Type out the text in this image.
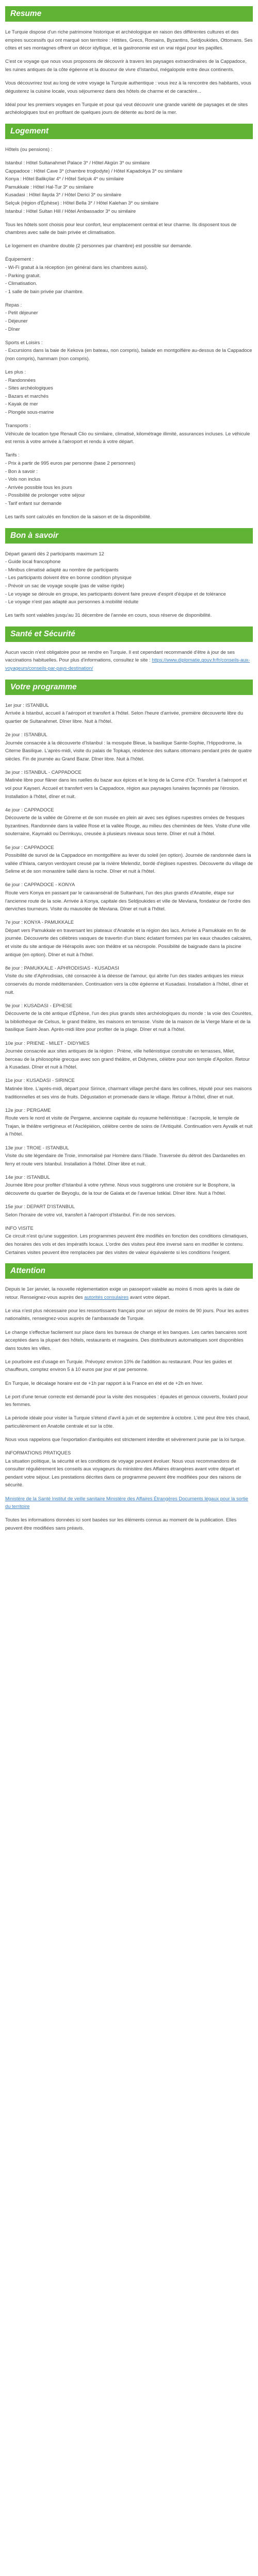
Resume

Le Turquie dispose d'un riche patrimoine historique et archéologique en raison des différentes cultures et des empires successifs qui ont marqué son territoire : Hittites, Grecs, Romains, Byzantins, Seldjoukides, Ottomans. Ses côtes et ses montagnes offrent un décor idyllique, et la gastronomie est un vrai régal pour les papilles.

C'est ce voyage que nous vous proposons de découvrir à travers les paysages extraordinaires de la Cappadoce, les ruines antiques de la côte égéenne et la douceur de vivre d'Istanbul, mégalopole entre deux continents.

Vous découvrirez tout au long de votre voyage la Turquie authentique : vous irez à la rencontre des habitants, vous dégusterez la cuisine locale, vous séjournerez dans des hôtels de charme et de caractère...

Idéal pour les premiers voyages en Turquie et pour qui veut découvrir une grande variété de paysages et de sites archéologiques tout en profitant de quelques jours de détente au bord de la mer.

Logement

Hôtels (ou pensions) :

Istanbul : Hôtel Sultanahmet Palace 3* / Hôtel Akgün 3* ou similaire

Cappadoce : Hôtel Cave 3* (chambre troglodyte) / Hôtel Kapadokya 3* ou similaire

Konya : Hôtel Balikçilar 4* / Hôtel Selçuk 4* ou similaire

Pamukkale : Hôtel Hal-Tur 3* ou similaire

Kusadasi : Hôtel Ilayda 3* / Hôtel Derici 3* ou similaire

Selçuk (région d'Éphèse) : Hôtel Bella 3* / Hôtel Kalehan 3* ou similaire

Istanbul : Hôtel Sultan Hill / Hôtel Ambassador 3* ou similaire

Tous les hôtels sont choisis pour leur confort, leur emplacement central et leur charme. Ils disposent tous de chambres avec salle de bain privée et climatisation.

Le logement en chambre double (2 personnes par chambre) est possible sur demande.

Équipement :

- Wi-Fi gratuit à la réception (en général dans les chambres aussi).

- Parking gratuit.

- Climatisation.

- 1 salle de bain privée par chambre.

Repas :

- Petit déjeuner

- Déjeuner

- Dîner

Sports et Loisirs :

- Excursions dans la baie de Kekova (en bateau, non compris), balade en montgolfière au-dessus de la Cappadoce (non compris), hammam (non compris).

Les plus :

- Randonnées

- Sites archéologiques

- Bazars et marchés

- Kayak de mer

- Plongée sous-marine

Transports :

Véhicule de location type Renault Clio ou similaire, climatisé, kilométrage illimité, assurances incluses. Le véhicule est remis à votre arrivée à l'aéroport et rendu à votre départ.

Tarifs :

- Prix à partir de 995 euros par personne (base 2 personnes)

- Bon à savoir :

- Vols non inclus

- Arrivée possible tous les jours

- Possibilité de prolonger votre séjour

- Tarif enfant sur demande

Les tarifs sont calculés en fonction de la saison et de la disponibilité.

Bon à savoir

Départ garanti dès 2 participants maximum 12

- Guide local francophone

- Minibus climatisé adapté au nombre de participants

- Les participants doivent être en bonne condition physique

- Prévoir un sac de voyage souple (pas de valise rigide)

- Le voyage se déroule en groupe, les participants doivent faire preuve d'esprit d'équipe et de tolérance

- Le voyage n'est pas adapté aux personnes à mobilité réduite

Les tarifs sont valables jusqu'au 31 décembre de l'année en cours, sous réserve de disponibilité.

Santé et Sécurité

Aucun vaccin n'est obligatoire pour se rendre en Turquie. Il est cependant recommandé d'être à jour de ses vaccinations habituelles. Pour plus d'informations, consultez le site : https://www.diplomatie.gouv.fr/fr/conseils-aux-voyageurs/conseils-par-pays-destination/

Votre programme

1er jour : ISTANBUL

Arrivée à Istanbul, accueil à l'aéroport et transfert à l'hôtel. Selon l'heure d'arrivée, première découverte libre du quartier de Sultanahmet. Dîner libre. Nuit à l'hôtel.

2e jour : ISTANBUL

Journée consacrée à la découverte d'Istanbul : la mosquée Bleue, la basilique Sainte-Sophie, l'Hippodrome, la Citerne Basilique. L'après-midi, visite du palais de Topkapi, résidence des sultans ottomans pendant près de quatre siècles. Fin de journée au Grand Bazar. Dîner libre. Nuit à l'hôtel.

3e jour : ISTANBUL - CAPPADOCE

Matinée libre pour flâner dans les ruelles du bazar aux épices et le long de la Corne d'Or. Transfert à l'aéroport et vol pour Kayseri. Accueil et transfert vers la Cappadoce, région aux paysages lunaires façonnés par l'érosion. Installation à l'hôtel, dîner et nuit.

4e jour : CAPPADOCE

Découverte de la vallée de Göreme et de son musée en plein air avec ses églises rupestres ornées de fresques byzantines. Randonnée dans la vallée Rose et la vallée Rouge, au milieu des cheminées de fées. Visite d'une ville souterraine, Kaymakli ou Derinkuyu, creusée à plusieurs niveaux sous terre. Dîner et nuit à l'hôtel.

5e jour : CAPPADOCE

Possibilité de survol de la Cappadoce en montgolfière au lever du soleil (en option). Journée de randonnée dans la vallée d'Ihlara, canyon verdoyant creusé par la rivière Melendiz, bordé d'églises rupestres. Découverte du village de Selime et de son monastère taillé dans la roche. Dîner et nuit à l'hôtel.

6e jour : CAPPADOCE - KONYA

Route vers Konya en passant par le caravansérail de Sultanhani, l'un des plus grands d'Anatolie, étape sur l'ancienne route de la soie. Arrivée à Konya, capitale des Seldjoukides et ville de Mevlana, fondateur de l'ordre des derviches tourneurs. Visite du mausolée de Mevlana. Dîner et nuit à l'hôtel.

7e jour : KONYA - PAMUKKALE

Départ vers Pamukkale en traversant les plateaux d'Anatolie et la région des lacs. Arrivée à Pamukkale en fin de journée. Découverte des célèbres vasques de travertin d'un blanc éclatant formées par les eaux chaudes calcaires, et visite du site antique de Hiérapolis avec son théâtre et sa nécropole. Possibilité de baignade dans la piscine antique (en option). Dîner et nuit à l'hôtel.

8e jour : PAMUKKALE - APHRODISIAS - KUSADASI

Visite du site d'Aphrodisias, cité consacrée à la déesse de l'amour, qui abrite l'un des stades antiques les mieux conservés du monde méditerranéen. Continuation vers la côte égéenne et Kusadasi. Installation à l'hôtel, dîner et nuit.

9e jour : KUSADASI - EPHESE

Découverte de la cité antique d'Éphèse, l'un des plus grands sites archéologiques du monde : la voie des Courètes, la bibliothèque de Celsus, le grand théâtre, les maisons en terrasse. Visite de la maison de la Vierge Marie et de la basilique Saint-Jean. Après-midi libre pour profiter de la plage. Dîner et nuit à l'hôtel.

10e jour : PRIENE - MILET - DIDYMES

Journée consacrée aux sites antiques de la région : Priène, ville hellénistique construite en terrasses, Milet, berceau de la philosophie grecque avec son grand théâtre, et Didymes, célèbre pour son temple d'Apollon. Retour à Kusadasi. Dîner et nuit à l'hôtel.

11e jour : KUSADASI - SIRINCE

Matinée libre. L'après-midi, départ pour Sirince, charmant village perché dans les collines, réputé pour ses maisons traditionnelles et ses vins de fruits. Dégustation et promenade dans le village. Retour à l'hôtel, dîner et nuit.

12e jour : PERGAME

Route vers le nord et visite de Pergame, ancienne capitale du royaume hellénistique : l'acropole, le temple de Trajan, le théâtre vertigineux et l'Asclépiéion, célèbre centre de soins de l'Antiquité. Continuation vers Ayvalik et nuit à l'hôtel.

13e jour : TROIE - ISTANBUL

Visite du site légendaire de Troie, immortalisé par Homère dans l'Iliade. Traversée du détroit des Dardanelles en ferry et route vers Istanbul. Installation à l'hôtel. Dîner libre et nuit.

14e jour : ISTANBUL

Journée libre pour profiter d'Istanbul à votre rythme. Nous vous suggérons une croisière sur le Bosphore, la découverte du quartier de Beyoglu, de la tour de Galata et de l'avenue Istiklal. Dîner libre. Nuit à l'hôtel.

15e jour : DEPART D'ISTANBUL

Selon l'horaire de votre vol, transfert à l'aéroport d'Istanbul. Fin de nos services.

INFO VISITE

Ce circuit n'est qu'une suggestion. Les programmes peuvent être modifiés en fonction des conditions climatiques, des horaires des vols et des impératifs locaux. L'ordre des visites peut être inversé sans en modifier le contenu. Certaines visites peuvent être remplacées par des visites de valeur équivalente si les conditions l'exigent.

Attention

Depuis le 1er janvier, la nouvelle réglementation exige un passeport valable au moins 6 mois après la date de retour. Renseignez-vous auprès des autorités consulaires avant votre départ.

Le visa n'est plus nécessaire pour les ressortissants français pour un séjour de moins de 90 jours. Pour les autres nationalités, renseignez-vous auprès de l'ambassade de Turquie.

Le change s'effectue facilement sur place dans les bureaux de change et les banques. Les cartes bancaires sont acceptées dans la plupart des hôtels, restaurants et magasins. Des distributeurs automatiques sont disponibles dans toutes les villes.

Le pourboire est d'usage en Turquie. Prévoyez environ 10% de l'addition au restaurant. Pour les guides et chauffeurs, comptez environ 5 à 10 euros par jour et par personne.

En Turquie, le décalage horaire est de +1h par rapport à la France en été et de +2h en hiver.

Le port d'une tenue correcte est demandé pour la visite des mosquées : épaules et genoux couverts, foulard pour les femmes.

La période idéale pour visiter la Turquie s'étend d'avril à juin et de septembre à octobre. L'été peut être très chaud, particulièrement en Anatolie centrale et sur la côte.

Nous vous rappelons que l'exportation d'antiquités est strictement interdite et sévèrement punie par la loi turque.

INFORMATIONS PRATIQUES

La situation politique, la sécurité et les conditions de voyage peuvent évoluer. Nous vous recommandons de consulter régulièrement les conseils aux voyageurs du ministère des Affaires étrangères avant votre départ et pendant votre séjour. Les prestations décrites dans ce programme peuvent être modifiées pour des raisons de sécurité.

Ministère de la Santé Institut de veille sanitaire Ministère des Affaires Étrangères Documents légaux pour la sortie du territoire

Toutes les informations données ici sont basées sur les éléments connus au moment de la publication. Elles peuvent être modifiées sans préavis.
